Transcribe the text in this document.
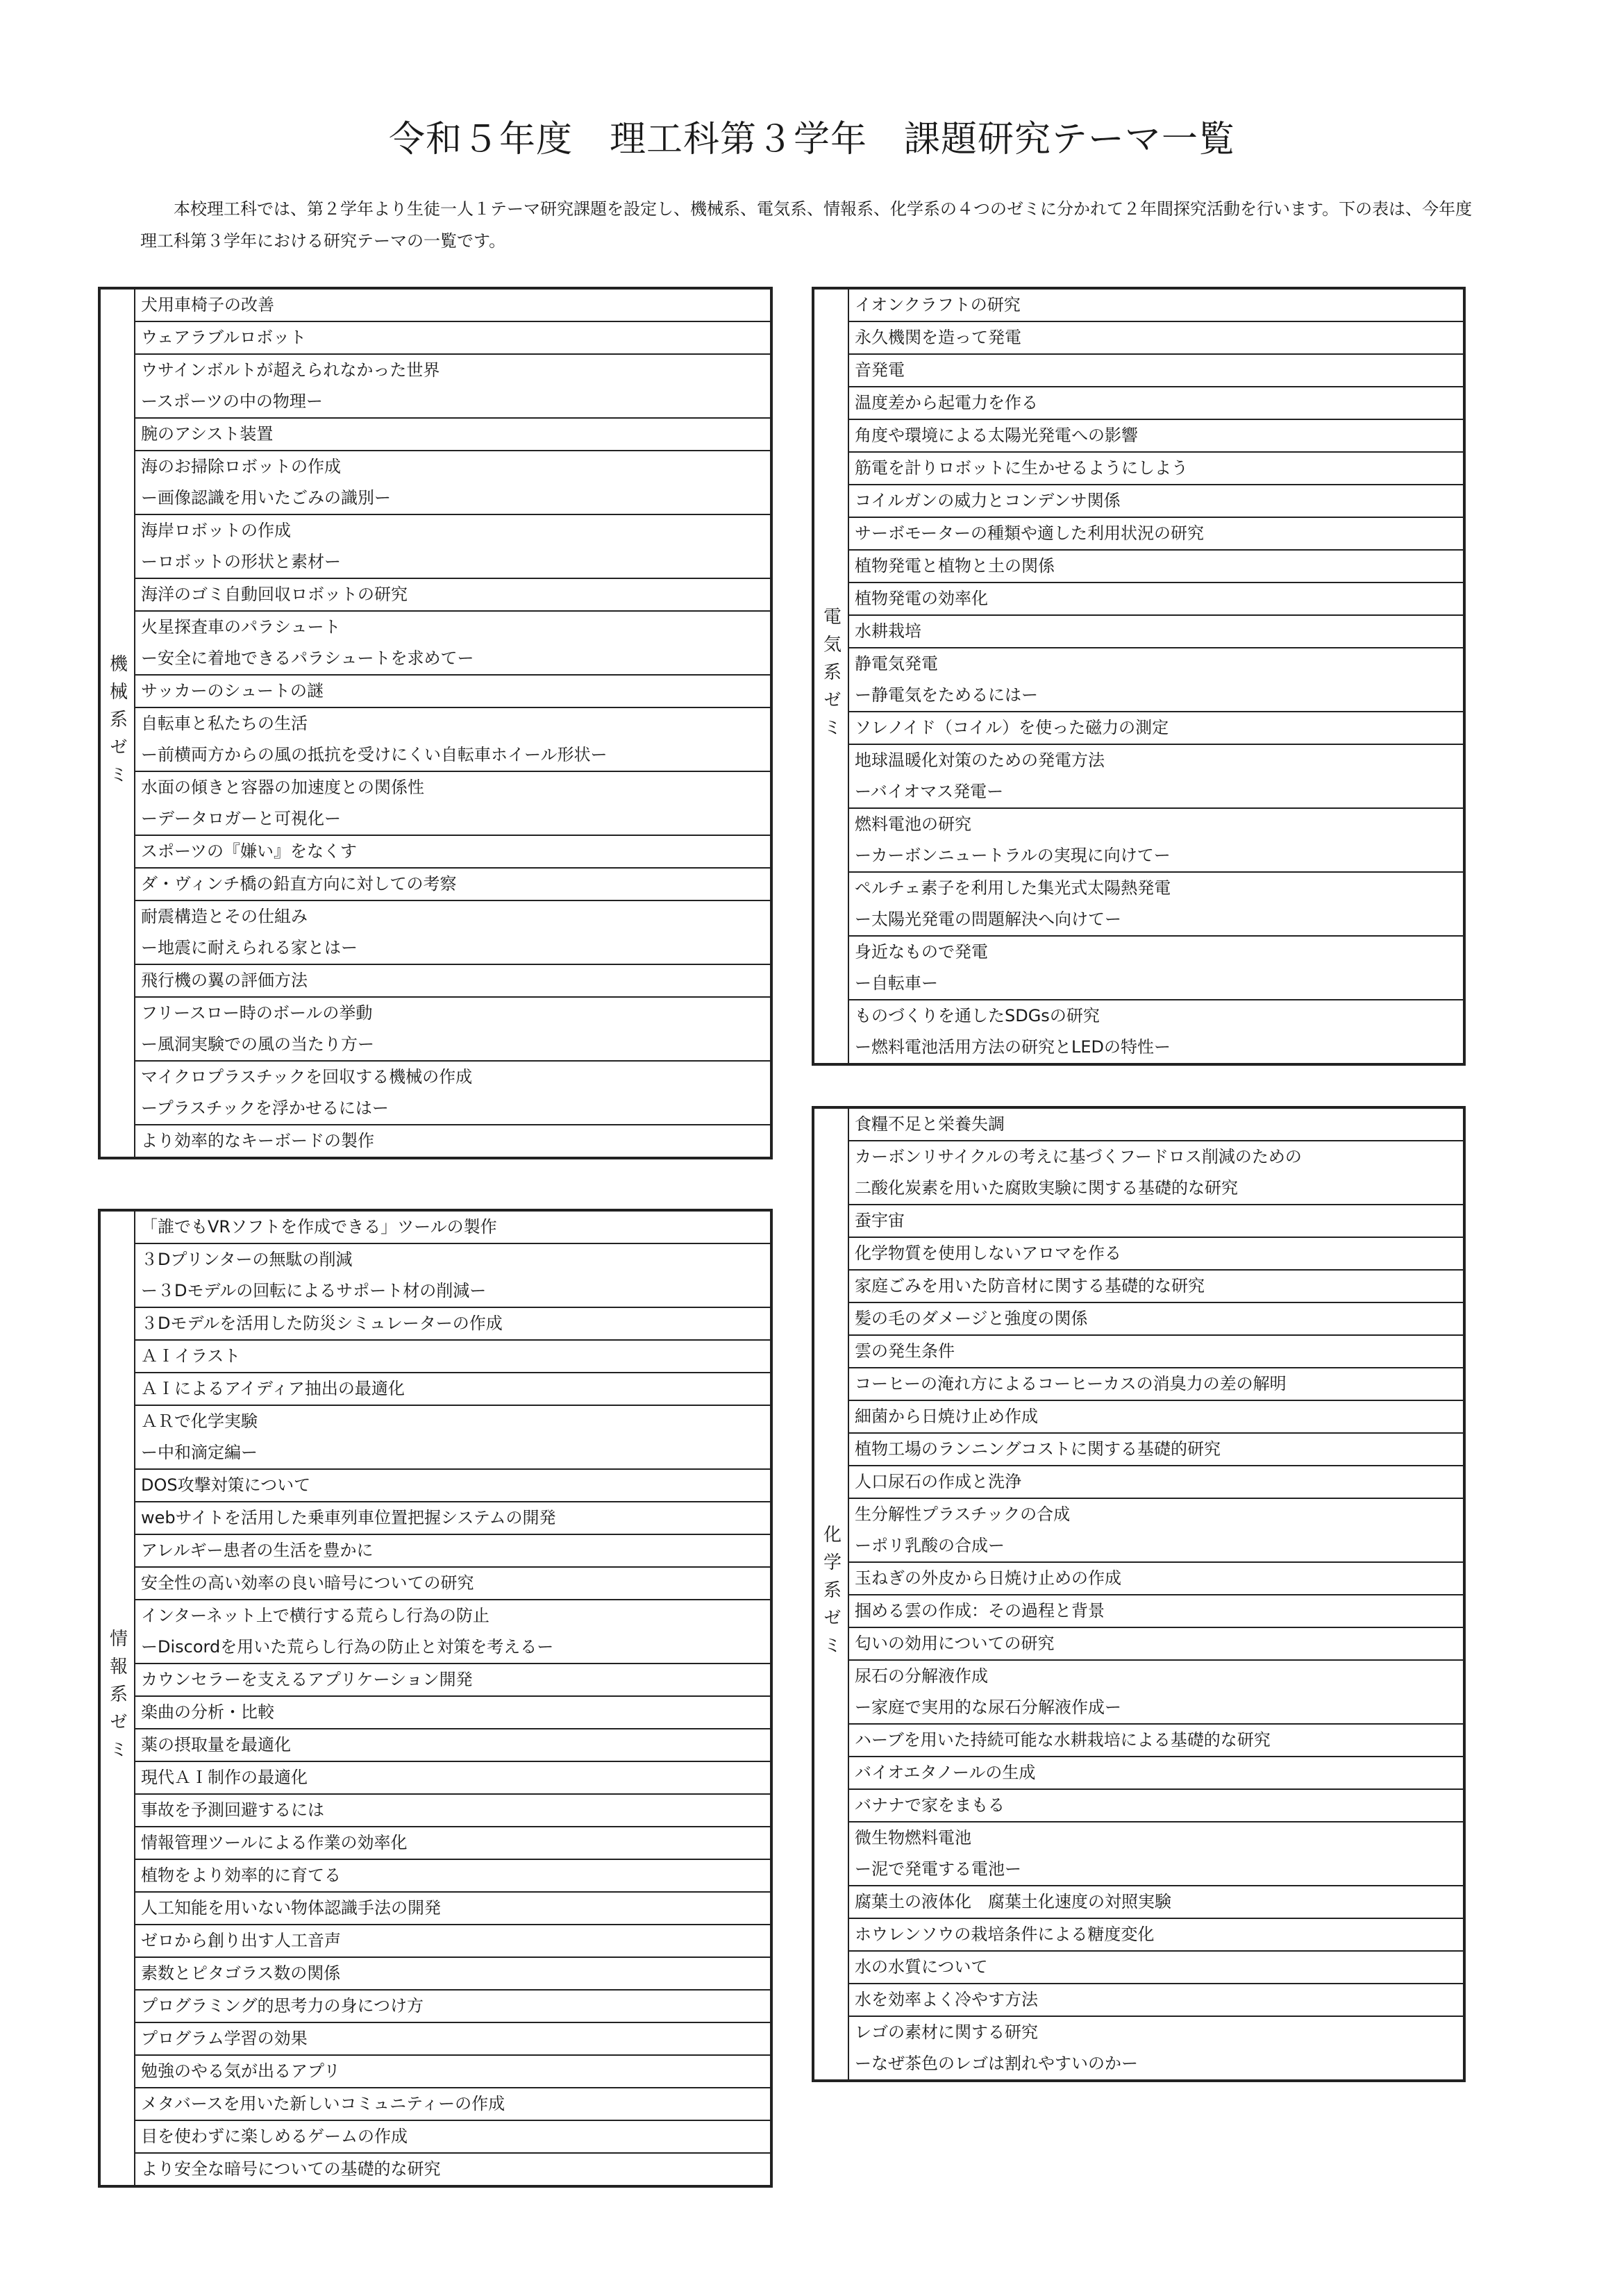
令和５年度　理工科第３学年　課題研究テーマ一覧
本校理工科では、第２学年より生徒一人１テーマ研究課題を設定し、機械系、電気系、情報系、化学系の４つのゼミに分かれて２年間探究活動を行います。下の表は、今年度理工科第３学年における研究テーマの一覧です。
機械系ゼミ
犬用車椅子の改善
ウェアラブルロボット
ウサインボルトが超えられなかった世界
ースポーツの中の物理ー
腕のアシスト装置
海のお掃除ロボットの作成
ー画像認識を用いたごみの識別ー
海岸ロボットの作成
ーロボットの形状と素材ー
海洋のゴミ自動回収ロボットの研究
火星探査車のパラシュート
ー安全に着地できるパラシュートを求めてー
サッカーのシュートの謎
自転車と私たちの生活
ー前横両方からの風の抵抗を受けにくい自転車ホイール形状ー
水面の傾きと容器の加速度との関係性
ーデータロガーと可視化ー
スポーツの『嫌い』をなくす
ダ・ヴィンチ橋の鉛直方向に対しての考察
耐震構造とその仕組み
ー地震に耐えられる家とはー
飛行機の翼の評価方法
フリースロー時のボールの挙動
ー風洞実験での風の当たり方ー
マイクロプラスチックを回収する機械の作成
ープラスチックを浮かせるにはー
より効率的なキーボードの製作
情報系ゼミ
「誰でもVRソフトを作成できる」ツールの製作
３Dプリンターの無駄の削減
ー３Dモデルの回転によるサポート材の削減ー
３Dモデルを活用した防災シミュレーターの作成
ＡＩイラスト
ＡＩによるアイディア抽出の最適化
ＡＲで化学実験
ー中和滴定編ー
DOS攻撃対策について
webサイトを活用した乗車列車位置把握システムの開発
アレルギー患者の生活を豊かに
安全性の高い効率の良い暗号についての研究
インターネット上で横行する荒らし行為の防止
ーDiscordを用いた荒らし行為の防止と対策を考えるー
カウンセラーを支えるアプリケーション開発
楽曲の分析・比較
薬の摂取量を最適化
現代ＡＩ制作の最適化
事故を予測回避するには
情報管理ツールによる作業の効率化
植物をより効率的に育てる
人工知能を用いない物体認識手法の開発
ゼロから創り出す人工音声
素数とピタゴラス数の関係
プログラミング的思考力の身につけ方
プログラム学習の効果
勉強のやる気が出るアプリ
メタバースを用いた新しいコミュニティーの作成
目を使わずに楽しめるゲームの作成
より安全な暗号についての基礎的な研究
電気系ゼミ
イオンクラフトの研究
永久機関を造って発電
音発電
温度差から起電力を作る
角度や環境による太陽光発電への影響
筋電を計りロボットに生かせるようにしよう
コイルガンの威力とコンデンサ関係
サーボモーターの種類や適した利用状況の研究
植物発電と植物と土の関係
植物発電の効率化
水耕栽培
静電気発電
ー静電気をためるにはー
ソレノイド（コイル）を使った磁力の測定
地球温暖化対策のための発電方法
ーバイオマス発電ー
燃料電池の研究
ーカーボンニュートラルの実現に向けてー
ペルチェ素子を利用した集光式太陽熱発電
ー太陽光発電の問題解決へ向けてー
身近なもので発電
ー自転車ー
ものづくりを通したSDGsの研究
ー燃料電池活用方法の研究とLEDの特性ー
化学系ゼミ
食糧不足と栄養失調
カーボンリサイクルの考えに基づくフードロス削減のための
二酸化炭素を用いた腐敗実験に関する基礎的な研究
蚕宇宙
化学物質を使用しないアロマを作る
家庭ごみを用いた防音材に関する基礎的な研究
髪の毛のダメージと強度の関係
雲の発生条件
コーヒーの淹れ方によるコーヒーカスの消臭力の差の解明
細菌から日焼け止め作成
植物工場のランニングコストに関する基礎的研究
人口尿石の作成と洗浄
生分解性プラスチックの合成
ーポリ乳酸の合成ー
玉ねぎの外皮から日焼け止めの作成
掴める雲の作成：その過程と背景
匂いの効用についての研究
尿石の分解液作成
ー家庭で実用的な尿石分解液作成ー
ハーブを用いた持続可能な水耕栽培による基礎的な研究
バイオエタノールの生成
バナナで家をまもる
微生物燃料電池
ー泥で発電する電池ー
腐葉土の液体化　腐葉土化速度の対照実験
ホウレンソウの栽培条件による糖度変化
水の水質について
水を効率よく冷やす方法
レゴの素材に関する研究
ーなぜ茶色のレゴは割れやすいのかー
